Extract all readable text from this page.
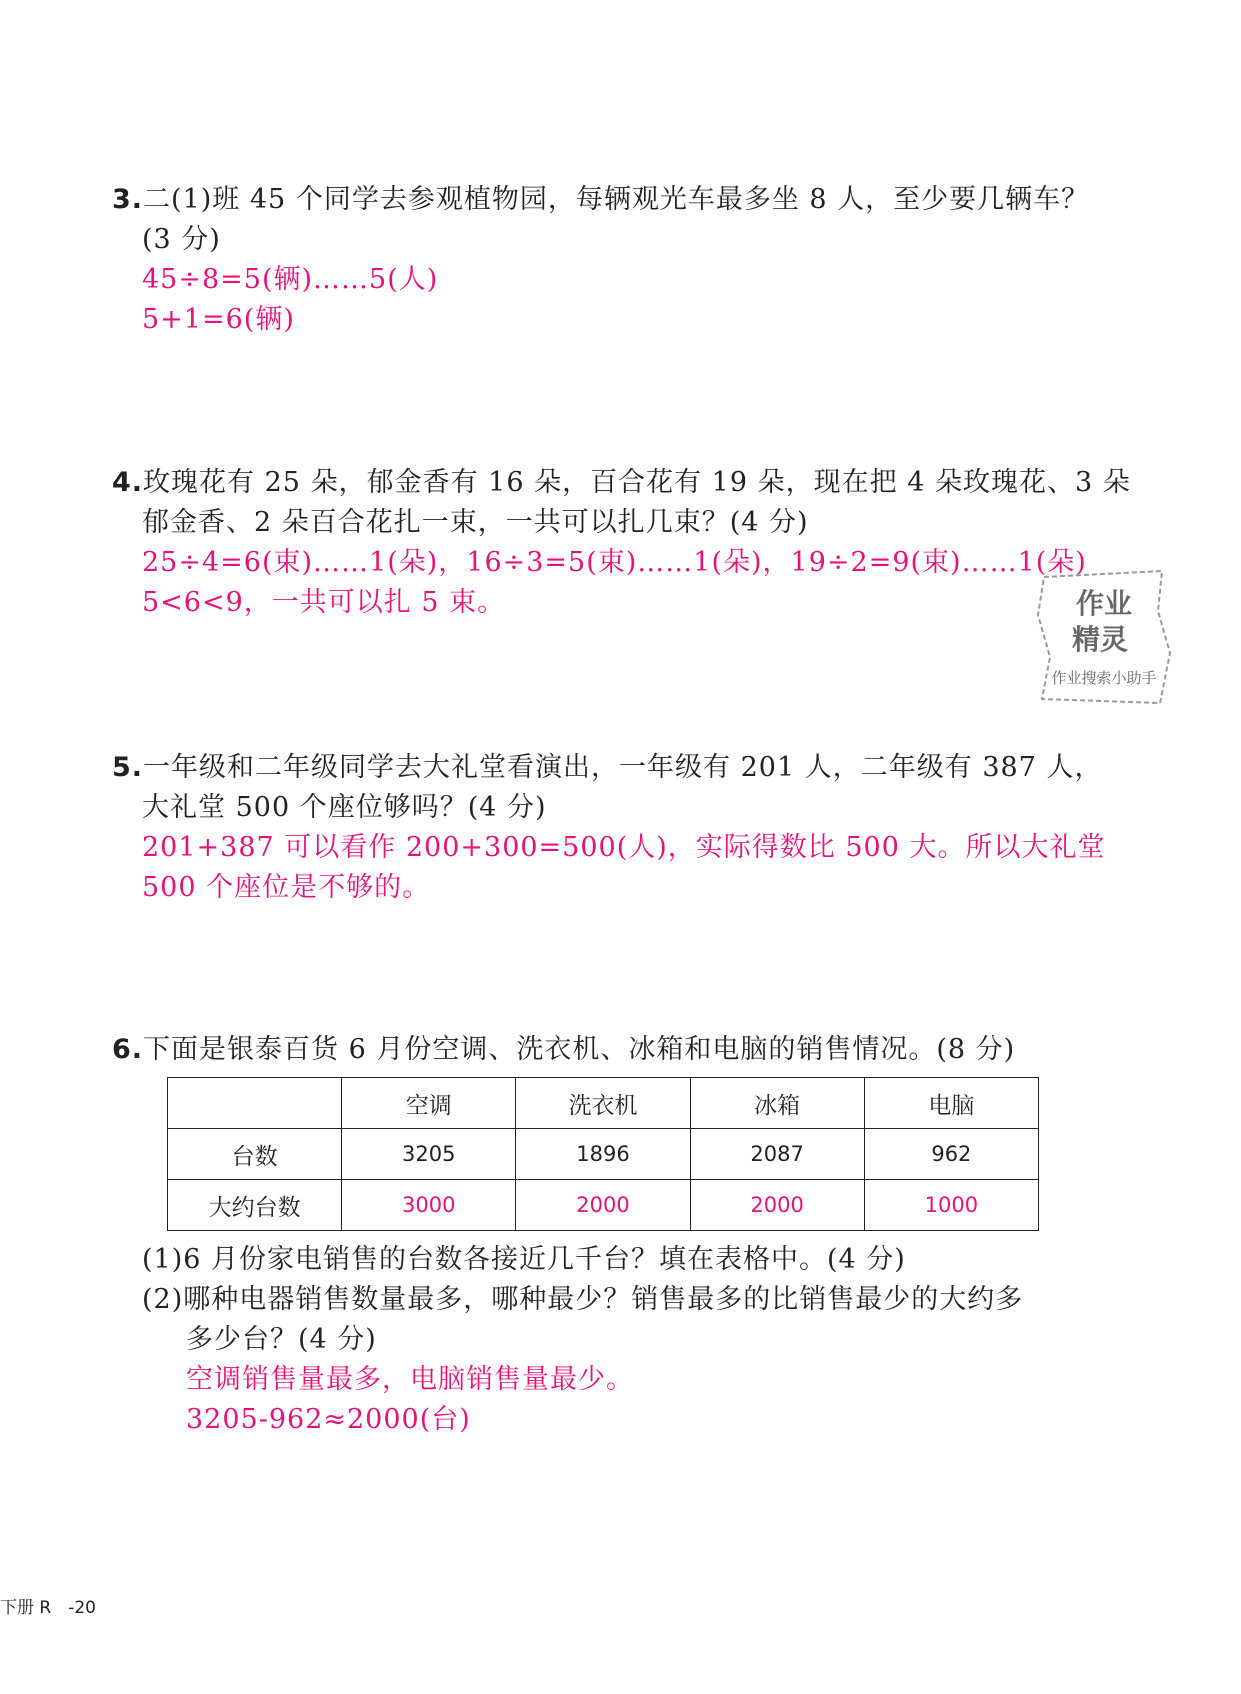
3.二(1)班 45 个同学去参观植物园，每辆观光车最多坐 8 人，至少要几辆车？
(3 分)
45÷8=5(辆)……5(人)
5+1=6(辆)
4.玫瑰花有 25 朵，郁金香有 16 朵，百合花有 19 朵，现在把 4 朵玫瑰花、3 朵
郁金香、2 朵百合花扎一束，一共可以扎几束？(4 分)
25÷4=6(束)……1(朵)，16÷3=5(束)……1(朵)，19÷2=9(束)……1(朵)
5<6<9，一共可以扎 5 束。	作业
精灵
作业搜索小助手
5.一年级和二年级同学去大礼堂看演出，一年级有 201 人，二年级有 387 人，
大礼堂 500 个座位够吗？(4 分)
201+387 可以看作 200+300=500(人)，实际得数比 500 大。所以大礼堂
500 个座位是不够的。
6.下面是银泰百货 6 月份空调、洗衣机、冰箱和电脑的销售情况。(8 分)
	空调	洗衣机	冰箱	电脑
台数	3205	1896	2087	962
大约台数	3000	2000	2000	1000
(1)6 月份家电销售的台数各接近几千台？填在表格中。(4 分)
(2)哪种电器销售数量最多，哪种最少？销售最多的比销售最少的大约多
多少台？(4 分)
空调销售量最多，电脑销售量最少。
3205-962≈2000(台)
下册 R　-20
